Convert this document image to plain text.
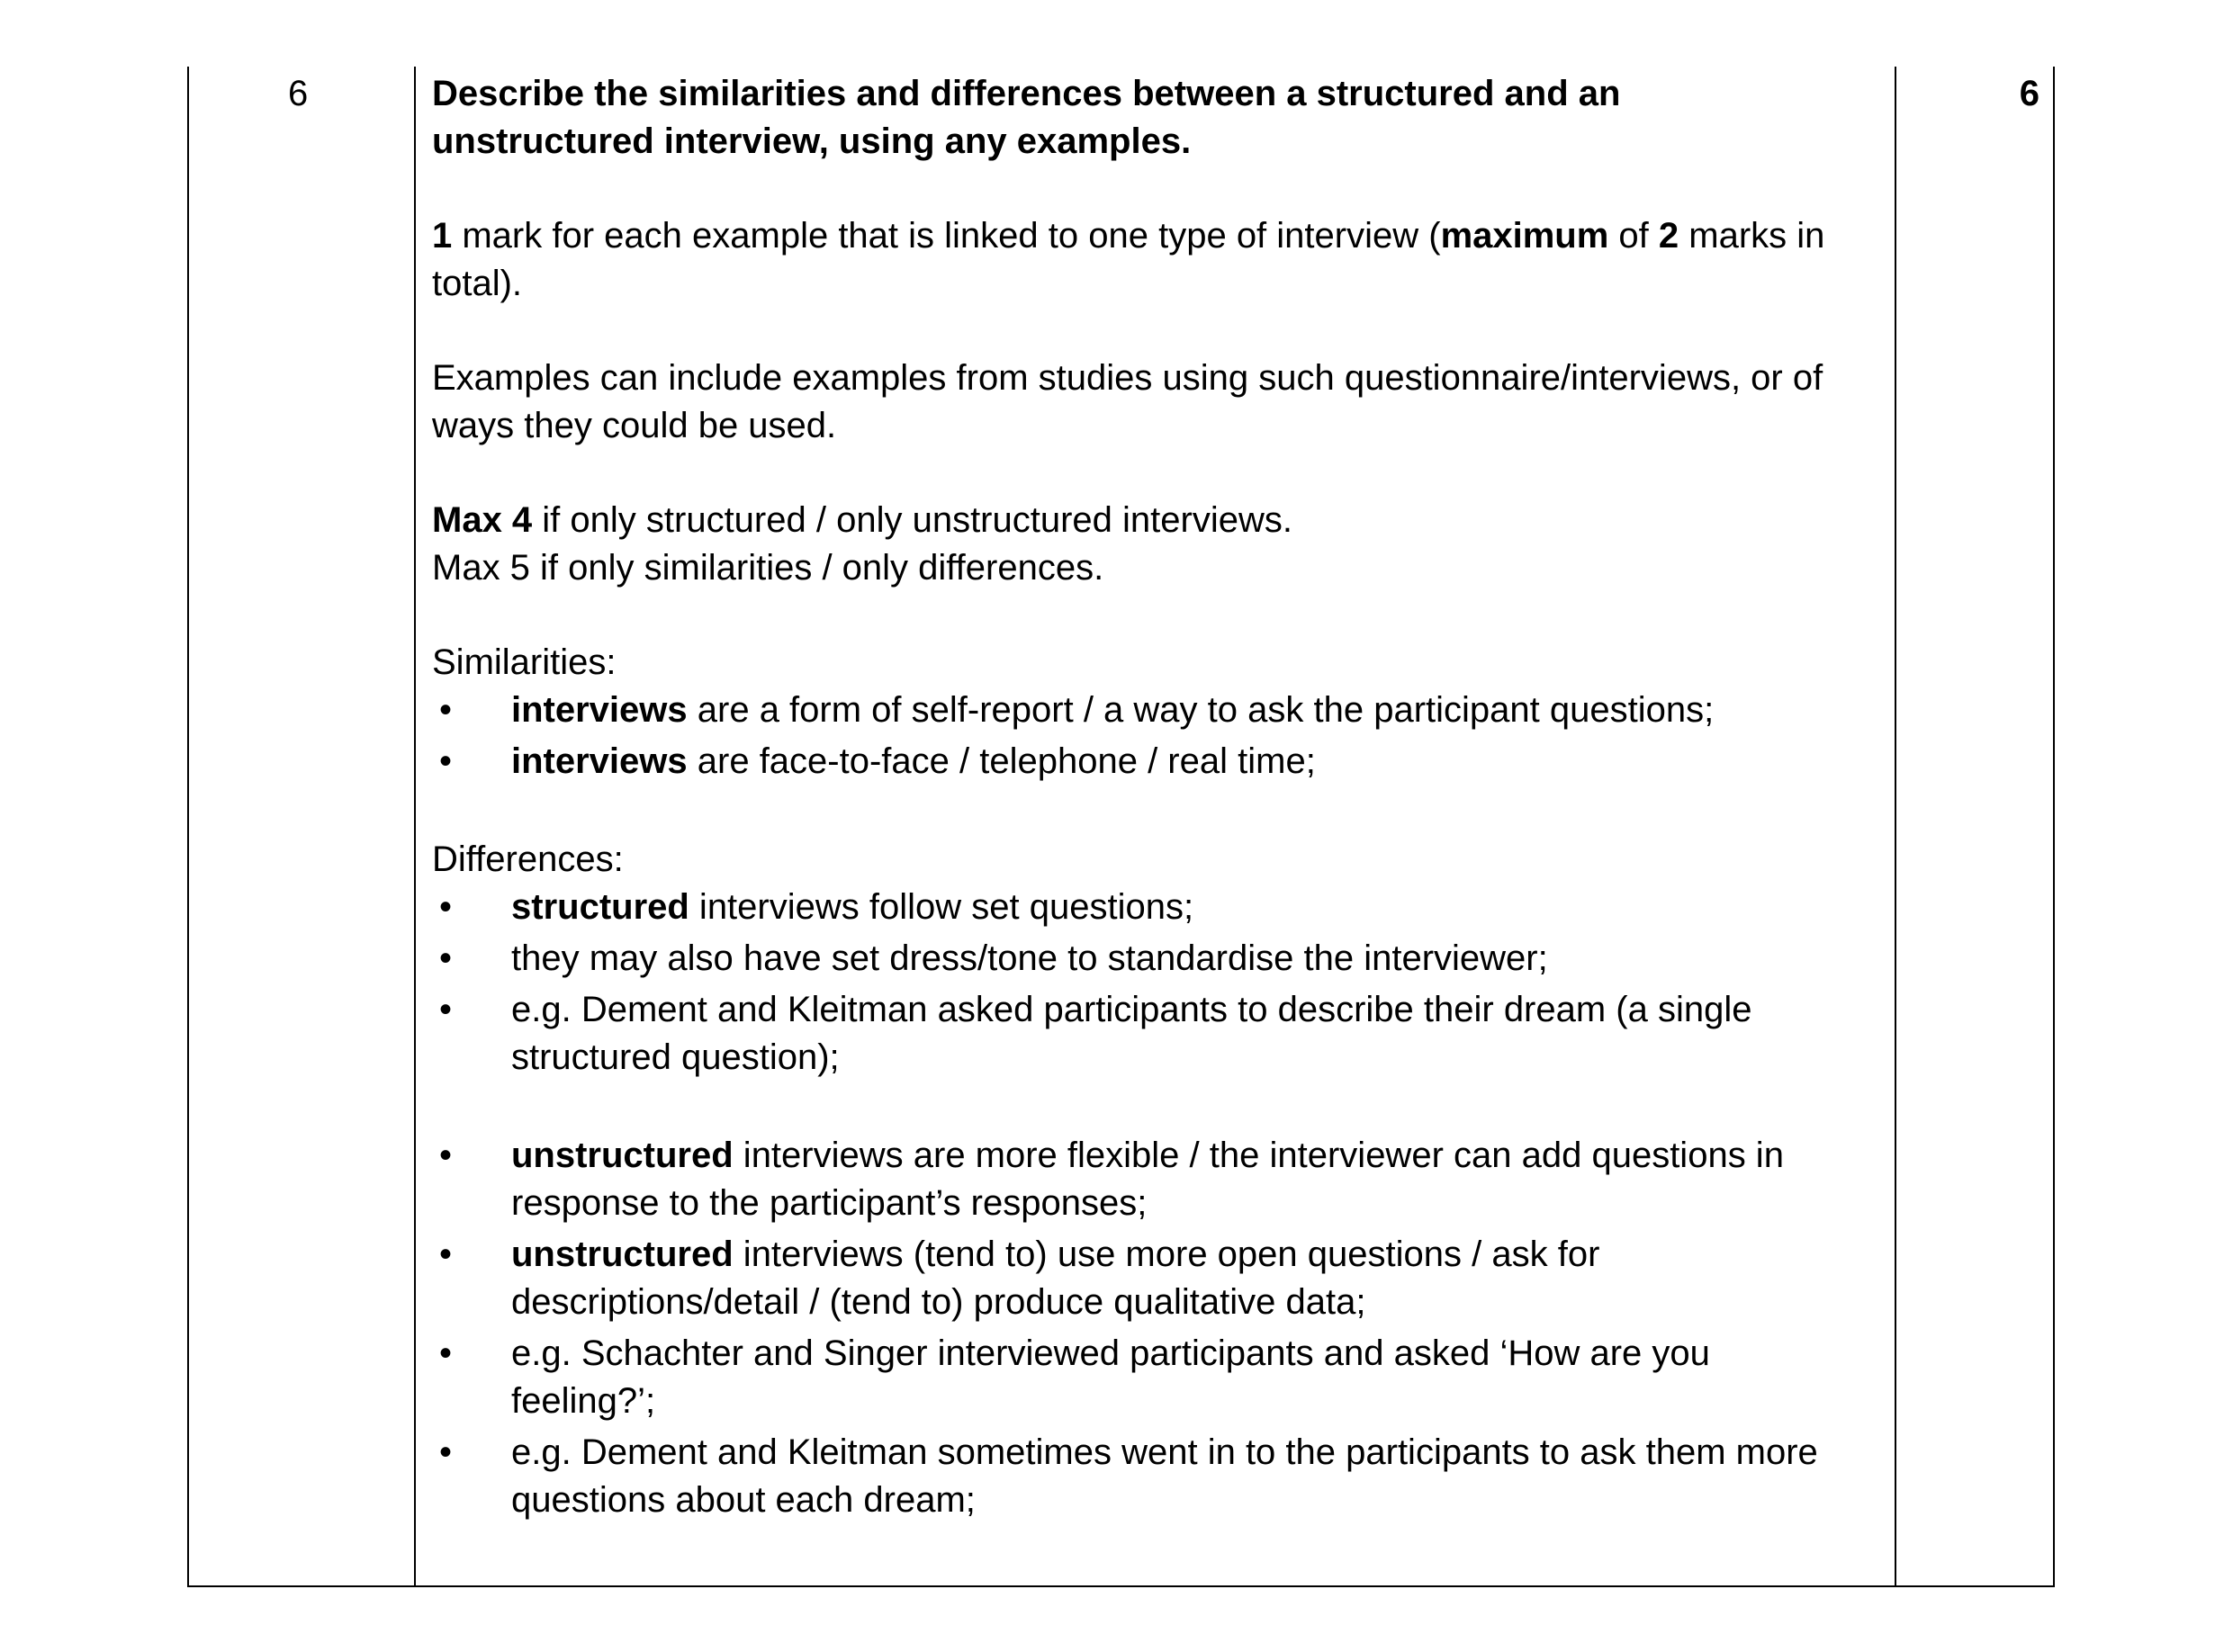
6	6

Describe the similarities and differences between a structured and an unstructured interview, using any examples.

1 mark for each example that is linked to one type of interview (maximum of 2 marks in total).

Examples can include examples from studies using such questionnaire/interviews, or of ways they could be used.

Max 4 if only structured / only unstructured interviews.

Max 5 if only similarities / only differences.

Similarities:

• interviews are a form of self-report / a way to ask the participant questions;
• interviews are face-to-face / telephone / real time;

Differences:

• structured interviews follow set questions;
• they may also have set dress/tone to standardise the interviewer;
• e.g. Dement and Kleitman asked participants to describe their dream (a single structured question);
• unstructured interviews are more flexible / the interviewer can add questions in response to the participant’s responses;
• unstructured interviews (tend to) use more open questions / ask for descriptions/detail / (tend to) produce qualitative data;
• e.g. Schachter and Singer interviewed participants and asked ‘How are you feeling?’;
• e.g. Dement and Kleitman sometimes went in to the participants to ask them more questions about each dream;
